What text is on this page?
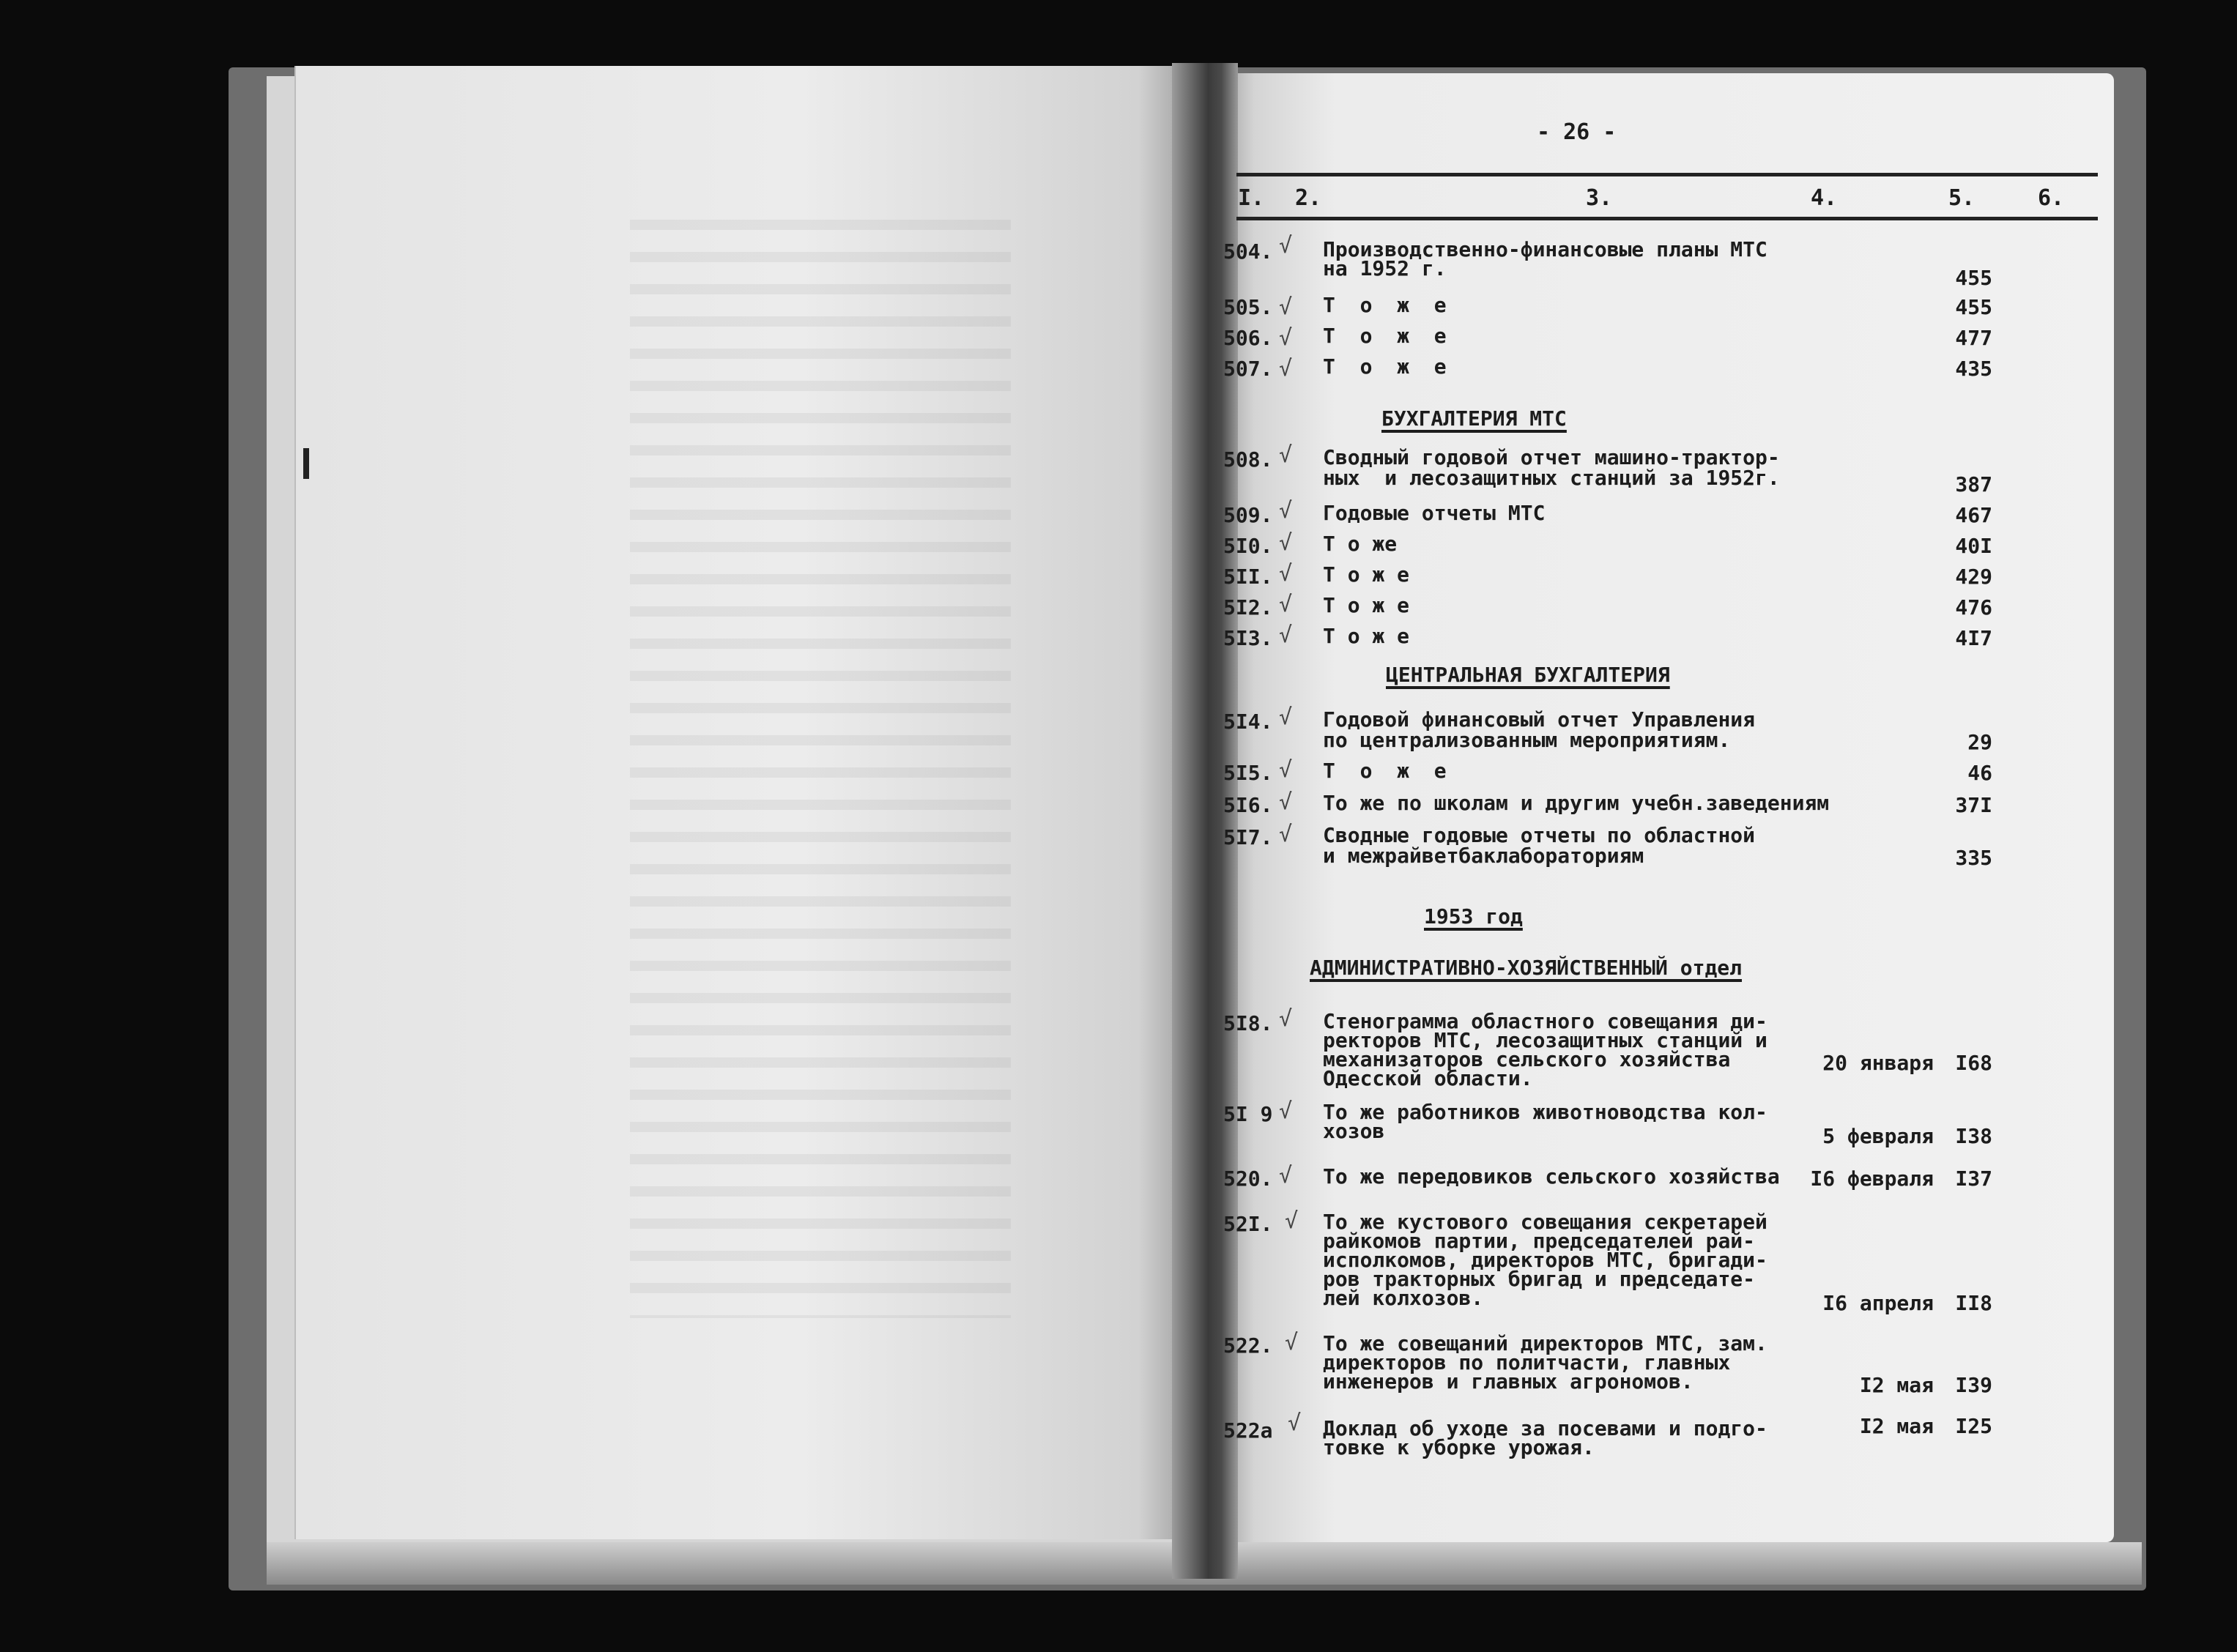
- 26 -
I. 2.	3.	4.	5.	6.
БУХГАЛТЕРИЯ МТС
ЦЕНТРАЛЬНАЯ БУХГАЛТЕРИЯ
1953 год
АДМИНИСТРАТИВНО-ХОЗЯЙСТВЕННЫЙ отдел
504. √ Производственно-финансовые планы МТС
на 1952 г.	455
505. √ Т  о  ж  е	455
506. √ Т  о  ж  е	477
507. √ Т  о  ж  е	435
508. √ Сводный годовой отчет машино-трактор-
ных  и лесозащитных станций за 1952г.	387
509. √ Годовые отчеты МТС	467
5I0. √ Т о же	40I
5II. √ Т о ж е	429
5I2. √ Т о ж е	476
5I3. √ Т о ж е	4I7
5I4. √ Годовой финансовый отчет Управления
по централизованным мероприятиям.	29
5I5. √ Т  о  ж  е	46
5I6. √ То же по школам и другим учебн.заведениям	37I
5I7. √ Сводные годовые отчеты по областной
и межрайветбаклабораториям	335
5I8. √ Стенограмма областного совещания ди-
ректоров МТС, лесозащитных станций и
механизаторов сельского хозяйства
Одесской области.
20 января	I68
5I 9 √ То же работников животноводства кол-
хозов	5 февраля	I38
520. √ То же передовиков сельского хозяйства	I6 февраля	I37
52I. √ То же кустового совещания секретарей
райкомов партии, председателей рай-
исполкомов, директоров МТС, бригади-
ров тракторных бригад и председате-
лей колхозов.	I6 апреля	II8
522. √ То же совещаний директоров МТС, зам.
директоров по политчасти, главных
инженеров и главных агрономов.	I2 мая	I39
522а √ Доклад об уходе за посевами и подго-
товке к уборке урожая.
I2 мая	I25
